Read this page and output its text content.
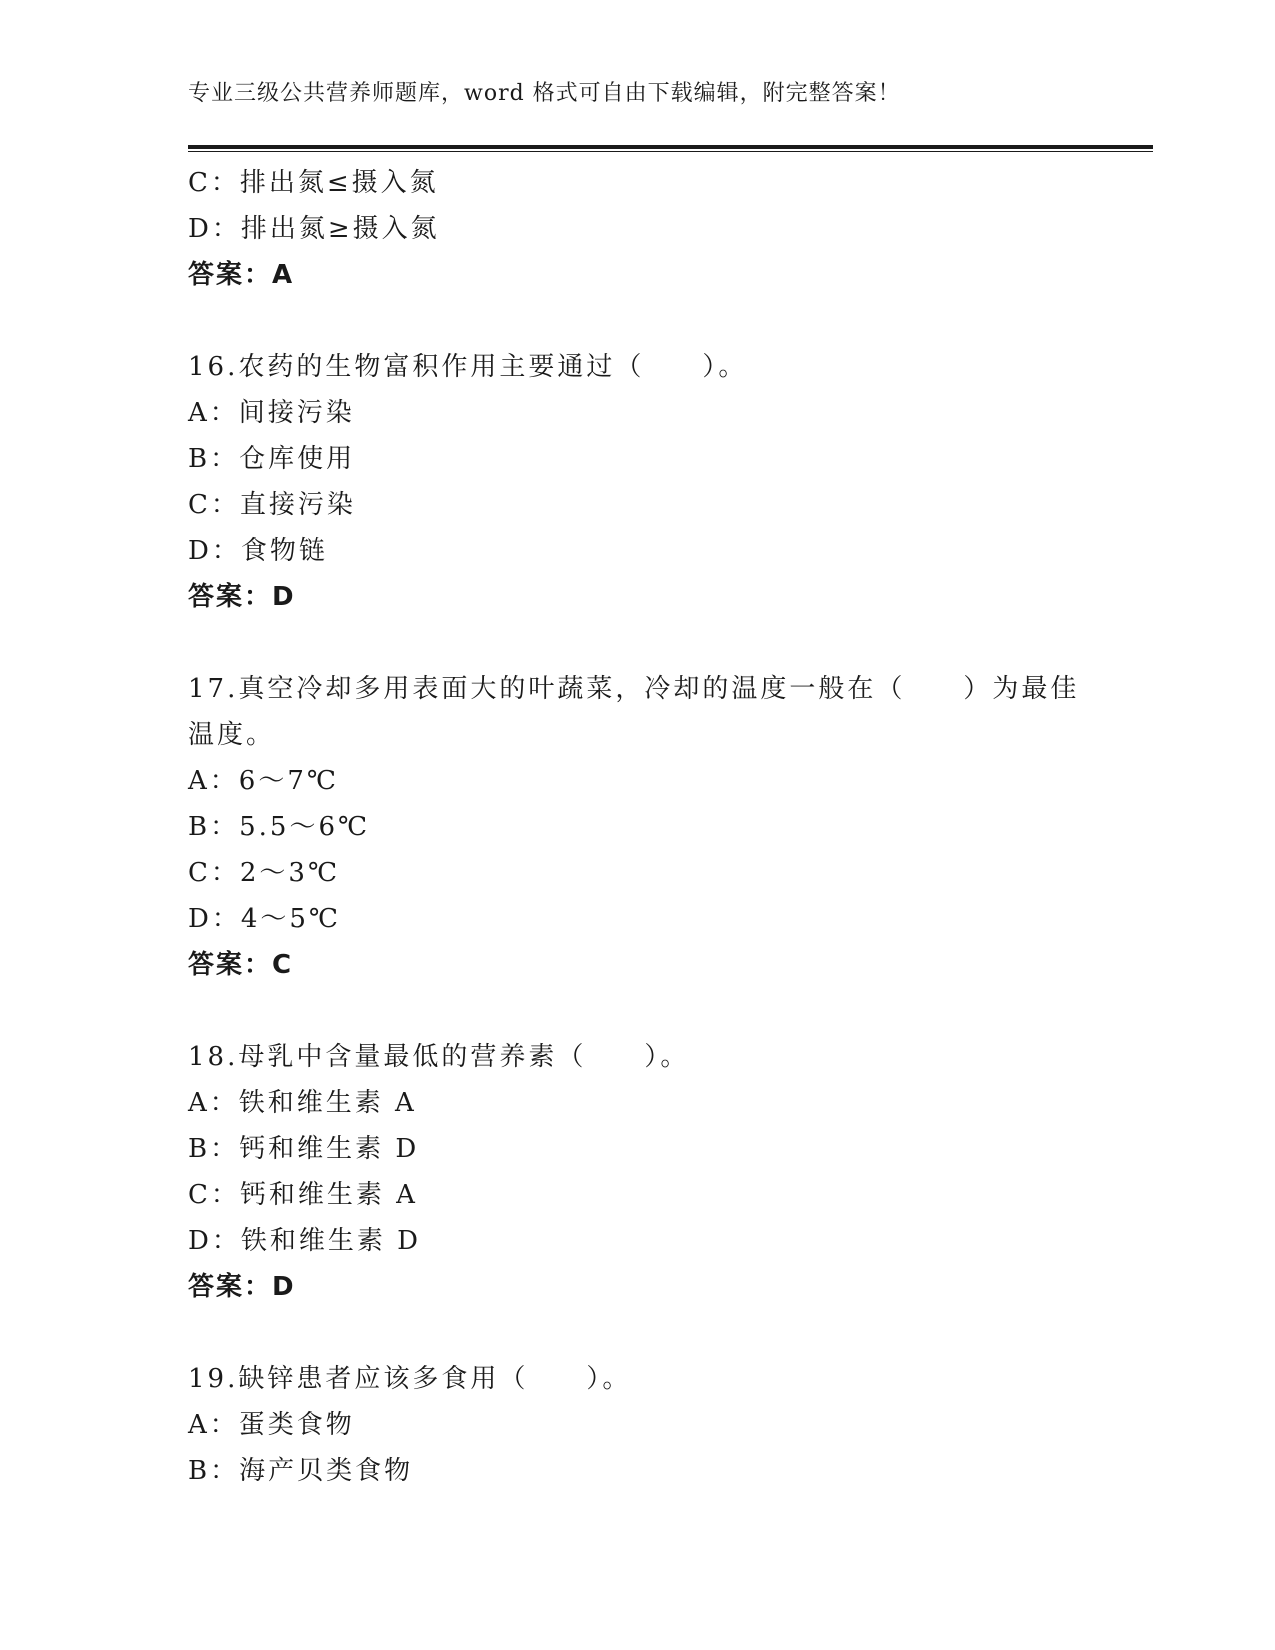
专业三级公共营养师题库，word 格式可自由下载编辑，附完整答案！
C：排出氮≤摄入氮
D：排出氮≥摄入氮
答案：A
16.农药的生物富积作用主要通过（　　）。
A：间接污染
B：仓库使用
C：直接污染
D：食物链
答案：D
17.真空冷却多用表面大的叶蔬菜，冷却的温度一般在（　　）为最佳
温度。
A：6～7℃
B：5.5～6℃
C：2～3℃
D：4～5℃
答案：C
18.母乳中含量最低的营养素（　　）。
A：铁和维生素 A
B：钙和维生素 D
C：钙和维生素 A
D：铁和维生素 D
答案：D
19.缺锌患者应该多食用（　　）。
A：蛋类食物
B：海产贝类食物
